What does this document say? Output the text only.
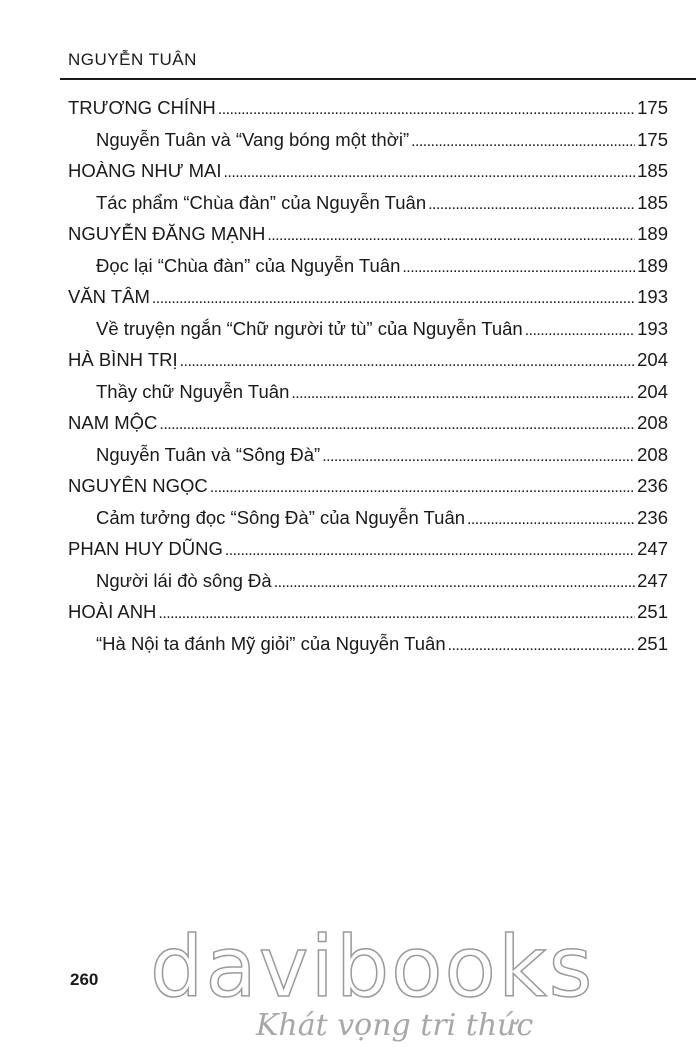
NGUYỄN TUÂN
TRƯƠNG CHÍNH . . .	175
Nguyễn Tuân và “Vang bóng một thời” . . .	175
HOÀNG NHƯ MAI . . .	185
Tác phẩm “Chùa đàn” của Nguyễn Tuân . . .	185
NGUYỄN ĐĂNG MẠNH . . .	189
Đọc lại “Chùa đàn” của Nguyễn Tuân . . .	189
VĂN TÂM . . .	193
Về truyện ngắn “Chữ người tử tù” của Nguyễn Tuân . . .	193
HÀ BÌNH TRỊ . . .	204
Thầy chữ Nguyễn Tuân . . .	204
NAM MỘC . . .	208
Nguyễn Tuân và “Sông Đà” . . .	208
NGUYÊN NGỌC . . .	236
Cảm tưởng đọc “Sông Đà” của Nguyễn Tuân . . .	236
PHAN HUY DŨNG . . .	247
Người lái đò sông Đà . . .	247
HOÀI ANH . . .	251
“Hà Nội ta đánh Mỹ giỏi” của Nguyễn Tuân . . .	251
260 davibooks
Khát vọng tri thức
